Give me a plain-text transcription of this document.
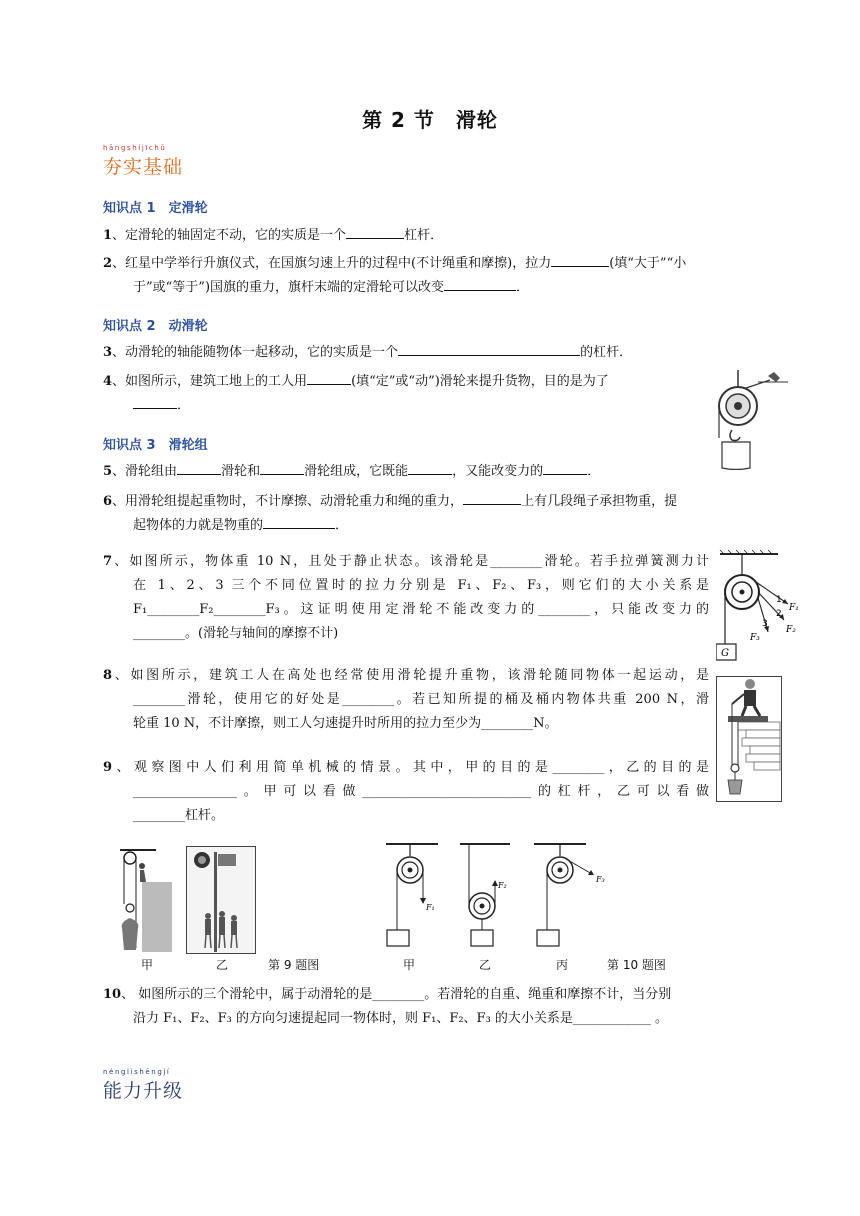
第 2 节　滑轮
hāngshíjīchǔ
夯实基础
知识点 1　定滑轮
1、定滑轮的轴固定不动，它的实质是一个	杠杆．
2、红星中学举行升旗仪式，在国旗匀速上升的过程中(不计绳重和摩擦)，拉力	(填“大于”“小
于”或“等于”)国旗的重力，旗杆末端的定滑轮可以改变	．
知识点 2　动滑轮
3、动滑轮的轴能随物体一起移动，它的实质是一个	的杠杆．
4、如图所示，建筑工地上的工人用	(填“定”或“动”)滑轮来提升货物，目的是为了
．
知识点 3　滑轮组
5、滑轮组由	滑轮和	滑轮组成，它既能	，又能改变力的	．
6、用滑轮组提起重物时，不计摩擦、动滑轮重力和绳的重力，	上有几段绳子承担物重，提
起物体的力就是物重的	．
7、如图所示，物体重 10 N，且处于静止状态。该滑轮是________滑轮。若手拉弹簧测力计
在 1、2、3 三个不同位置时的拉力分别是 F₁、F₂、F₃，则它们的大小关系是
F₁________F₂________F₃。这证明使用定滑轮不能改变力的________，只能改变力的
________。(滑轮与轴间的摩擦不计)
G
1
2
3
F₁
F₂
F₃
8、如图所示，建筑工人在高处也经常使用滑轮提升重物，该滑轮随同物体一起运动，是
________滑轮，使用它的好处是________。若已知所提的桶及桶内物体共重 200 N，滑
轮重 10 N，不计摩擦，则工人匀速提升时所用的拉力至少为________N。
9、观察图中人们利用简单机械的情景。其中，甲的目的是________，乙的目的是
________________。甲可以看做__________________________的杠杆，乙可以看做
________杠杆。
甲	乙	第 9 题图
F₁
F₂
F₃
甲	乙	丙	第 10 题图
10、 如图所示的三个滑轮中，属于动滑轮的是________。若滑轮的自重、绳重和摩擦不计，当分别
沿力 F₁、F₂、F₃ 的方向匀速提起同一物体时，则 F₁、F₂、F₃ 的大小关系是____________ 。
nénglìshēngjí
能力升级
